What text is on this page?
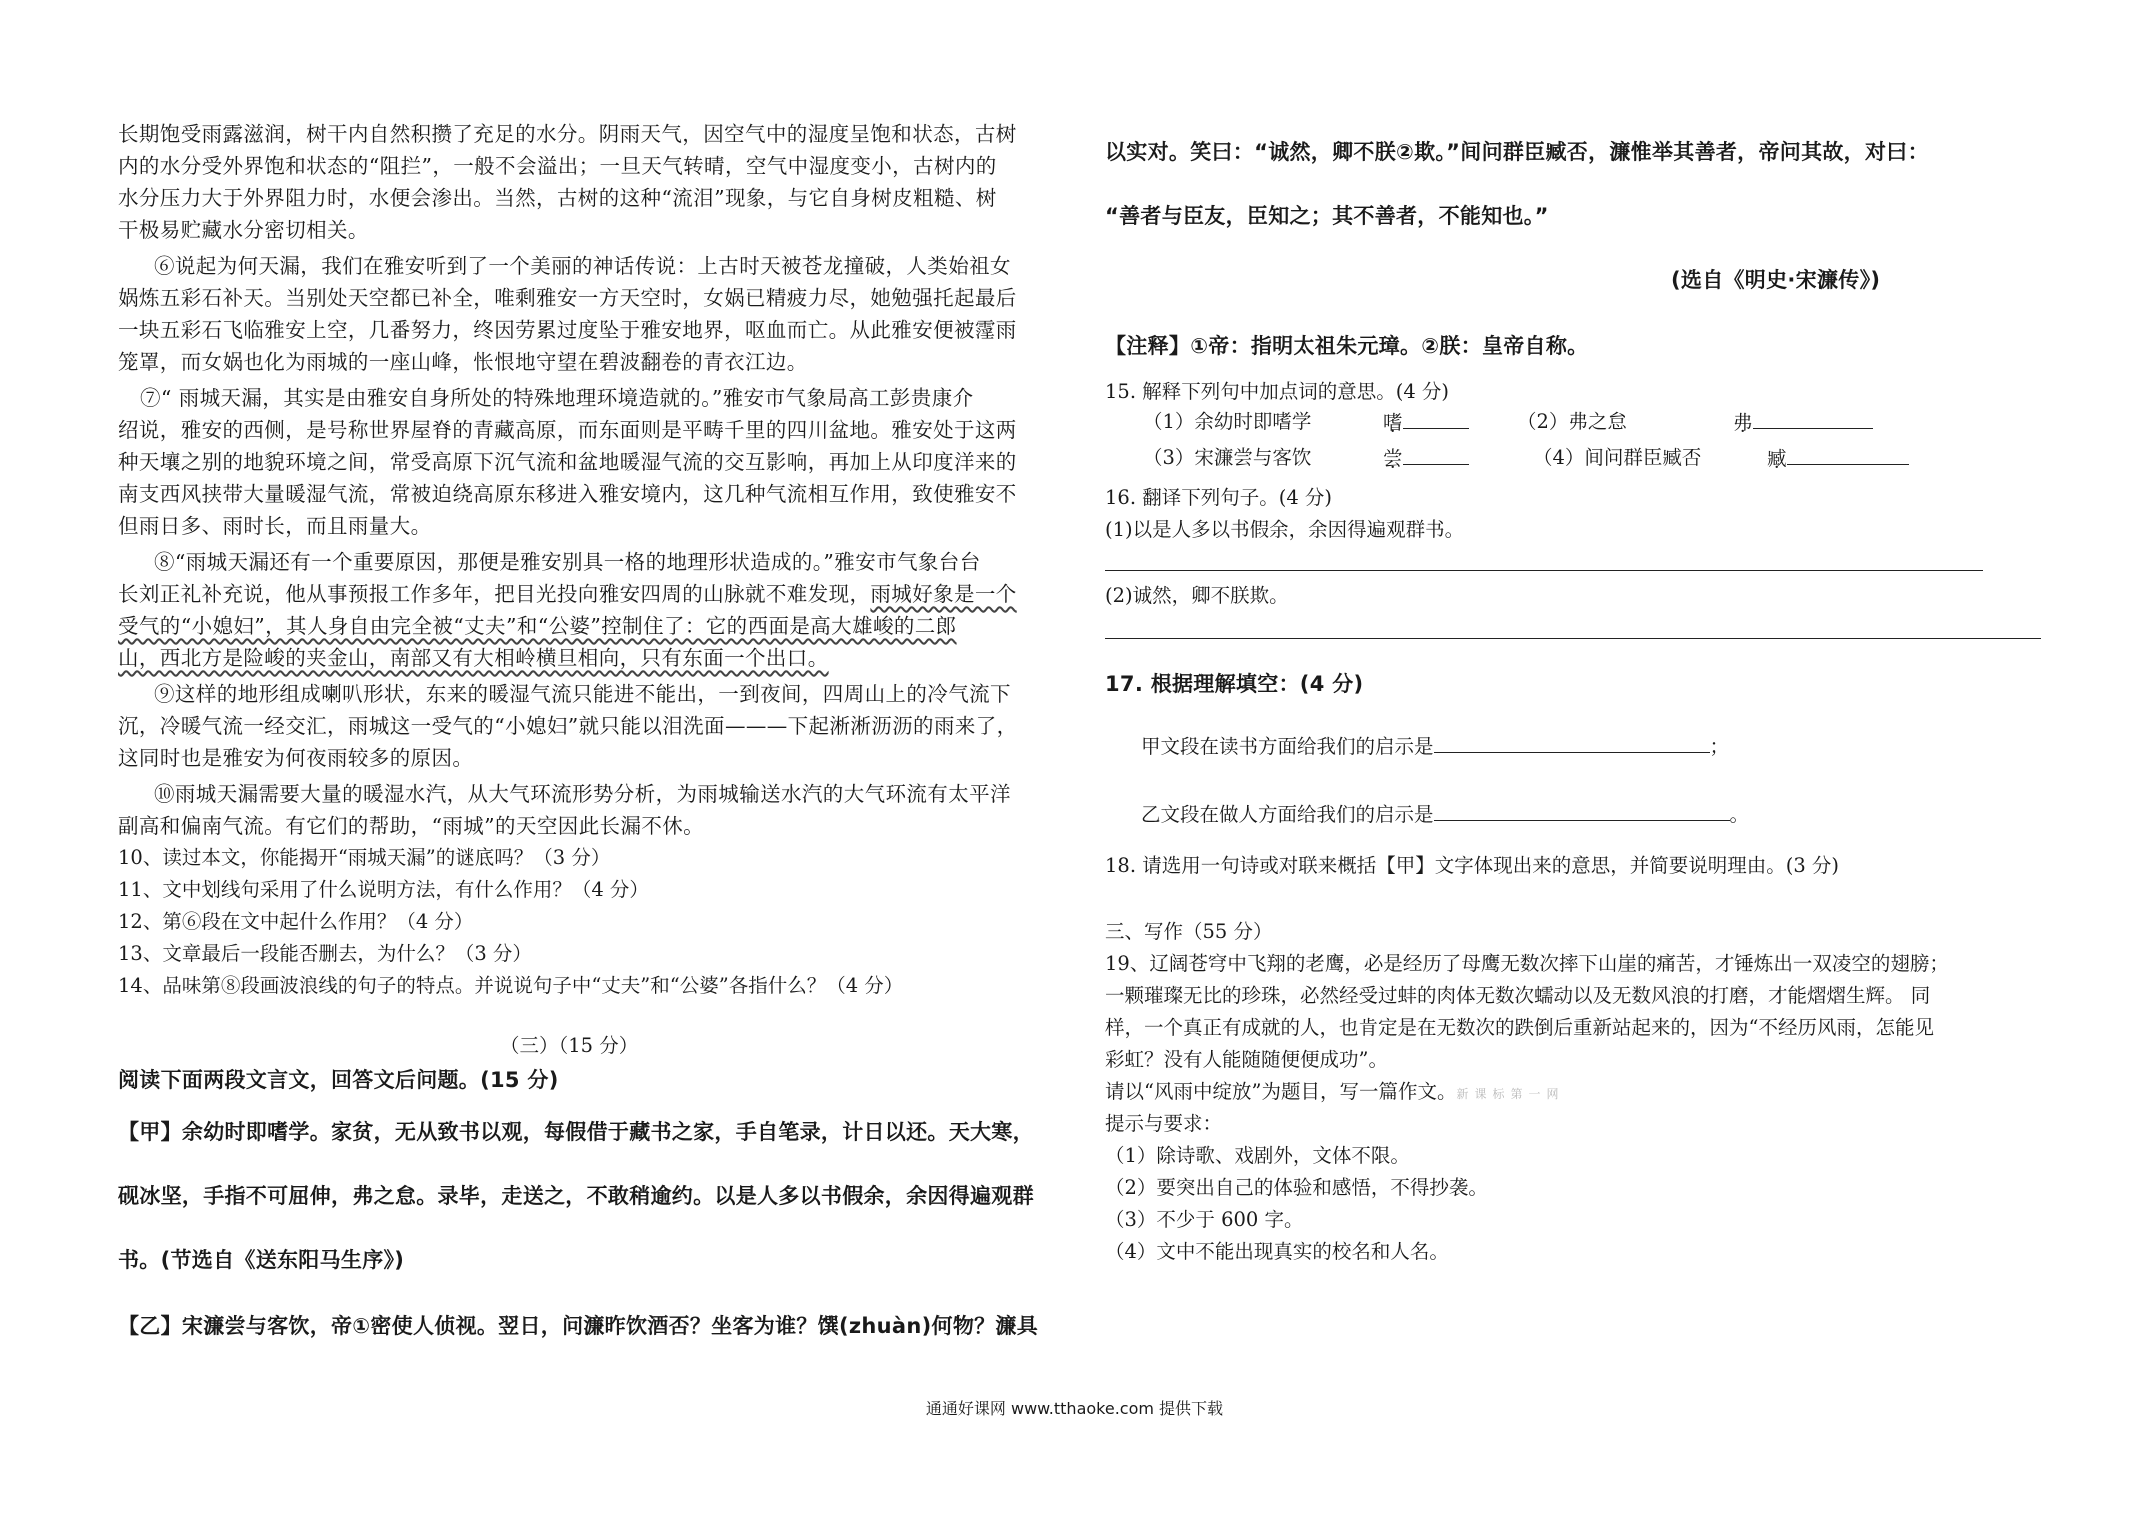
长期饱受雨露滋润，树干内自然积攒了充足的水分。阴雨天气，因空气中的湿度呈饱和状态，古树
内的水分受外界饱和状态的“阻拦”，一般不会溢出；一旦天气转晴，空气中湿度变小，古树内的
水分压力大于外界阻力时，水便会渗出。当然，古树的这种“流泪”现象，与它自身树皮粗糙、树
干极易贮藏水分密切相关。
⑥说起为何天漏，我们在雅安听到了一个美丽的神话传说：上古时天被苍龙撞破，人类始祖女
娲炼五彩石补天。当别处天空都已补全，唯剩雅安一方天空时，女娲已精疲力尽，她勉强托起最后
一块五彩石飞临雅安上空，几番努力，终因劳累过度坠于雅安地界，呕血而亡。从此雅安便被霪雨
笼罩，而女娲也化为雨城的一座山峰，怅恨地守望在碧波翻卷的青衣江边。
⑦“ 雨城天漏，其实是由雅安自身所处的特殊地理环境造就的。”雅安市气象局高工彭贵康介
绍说，雅安的西侧，是号称世界屋脊的青藏高原，而东面则是平畴千里的四川盆地。雅安处于这两
种天壤之别的地貌环境之间，常受高原下沉气流和盆地暖湿气流的交互影响，再加上从印度洋来的
南支西风挟带大量暖湿气流，常被迫绕高原东移进入雅安境内，这几种气流相互作用，致使雅安不
但雨日多、雨时长，而且雨量大。
⑧“雨城天漏还有一个重要原因，那便是雅安别具一格的地理形状造成的。”雅安市气象台台
长刘正礼补充说，他从事预报工作多年，把目光投向雅安四周的山脉就不难发现，雨城好象是一个
受气的“小媳妇”，其人身自由完全被“丈夫”和“公婆”控制住了：它的西面是高大雄峻的二郎
山，西北方是险峻的夹金山，南部又有大相岭横旦相向，只有东面一个出口。
⑨这样的地形组成喇叭形状，东来的暖湿气流只能进不能出，一到夜间，四周山上的冷气流下
沉，冷暖气流一经交汇，雨城这一受气的“小媳妇”就只能以泪洗面———下起淅淅沥沥的雨来了，
这同时也是雅安为何夜雨较多的原因。
⑩雨城天漏需要大量的暖湿水汽，从大气环流形势分析，为雨城输送水汽的大气环流有太平洋
副高和偏南气流。有它们的帮助，“雨城”的天空因此长漏不休。
10、读过本文，你能揭开“雨城天漏”的谜底吗？（3 分）
11、文中划线句采用了什么说明方法，有什么作用？（4 分）
12、第⑥段在文中起什么作用？（4 分）
13、文章最后一段能否删去，为什么？（3 分）
14、品味第⑧段画波浪线的句子的特点。并说说句子中“丈夫”和“公婆”各指什么？（4 分）
（三）（15 分）
阅读下面两段文言文，回答文后问题。(15 分)
【甲】余幼时即嗜学。家贫，无从致书以观，每假借于藏书之家，手自笔录，计日以还。天大寒，
砚冰坚，手指不可屈伸，弗之怠。录毕，走送之，不敢稍逾约。以是人多以书假余，余因得遍观群
书。(节选自《送东阳马生序》)
【乙】宋濂尝与客饮，帝①密使人侦视。翌日，问濂昨饮酒否？坐客为谁？馔(zhuàn)何物？濂具
以实对。笑曰：“诚然，卿不朕②欺。”间问群臣臧否，濂惟举其善者，帝问其故，对曰：
“善者与臣友，臣知之；其不善者，不能知也。”
(选自《明史·宋濂传》)
【注释】①帝：指明太祖朱元璋。②朕：皇帝自称。
15. 解释下列句中加点词的意思。(4 分)
（1）余幼时即嗜学	嗜	（2）弗之怠	弗
（3）宋濂尝与客饮	尝	（4）间问群臣臧否	臧
16. 翻译下列句子。(4 分)
(1)以是人多以书假余，余因得遍观群书。
(2)诚然，卿不朕欺。
17. 根据理解填空：(4 分)
甲文段在读书方面给我们的启示是	；
乙文段在做人方面给我们的启示是	。
18. 请选用一句诗或对联来概括【甲】文字体现出来的意思，并简要说明理由。(3 分)
三、写作（55 分）
19、辽阔苍穹中飞翔的老鹰，必是经历了母鹰无数次摔下山崖的痛苦，才锤炼出一双凌空的翅膀；
一颗璀璨无比的珍珠，必然经受过蚌的肉体无数次蠕动以及无数风浪的打磨，才能熠熠生辉。 同
样，一个真正有成就的人，也肯定是在无数次的跌倒后重新站起来的，因为“不经历风雨，怎能见
彩虹？没有人能随随便便成功”。
请以“风雨中绽放”为题目，写一篇作文。新课标第一网
提示与要求：
（1）除诗歌、戏剧外，文体不限。
（2）要突出自己的体验和感悟，不得抄袭。
（3）不少于 600 字。
（4）文中不能出现真实的校名和人名。
通通好课网 www.tthaoke.com 提供下载
